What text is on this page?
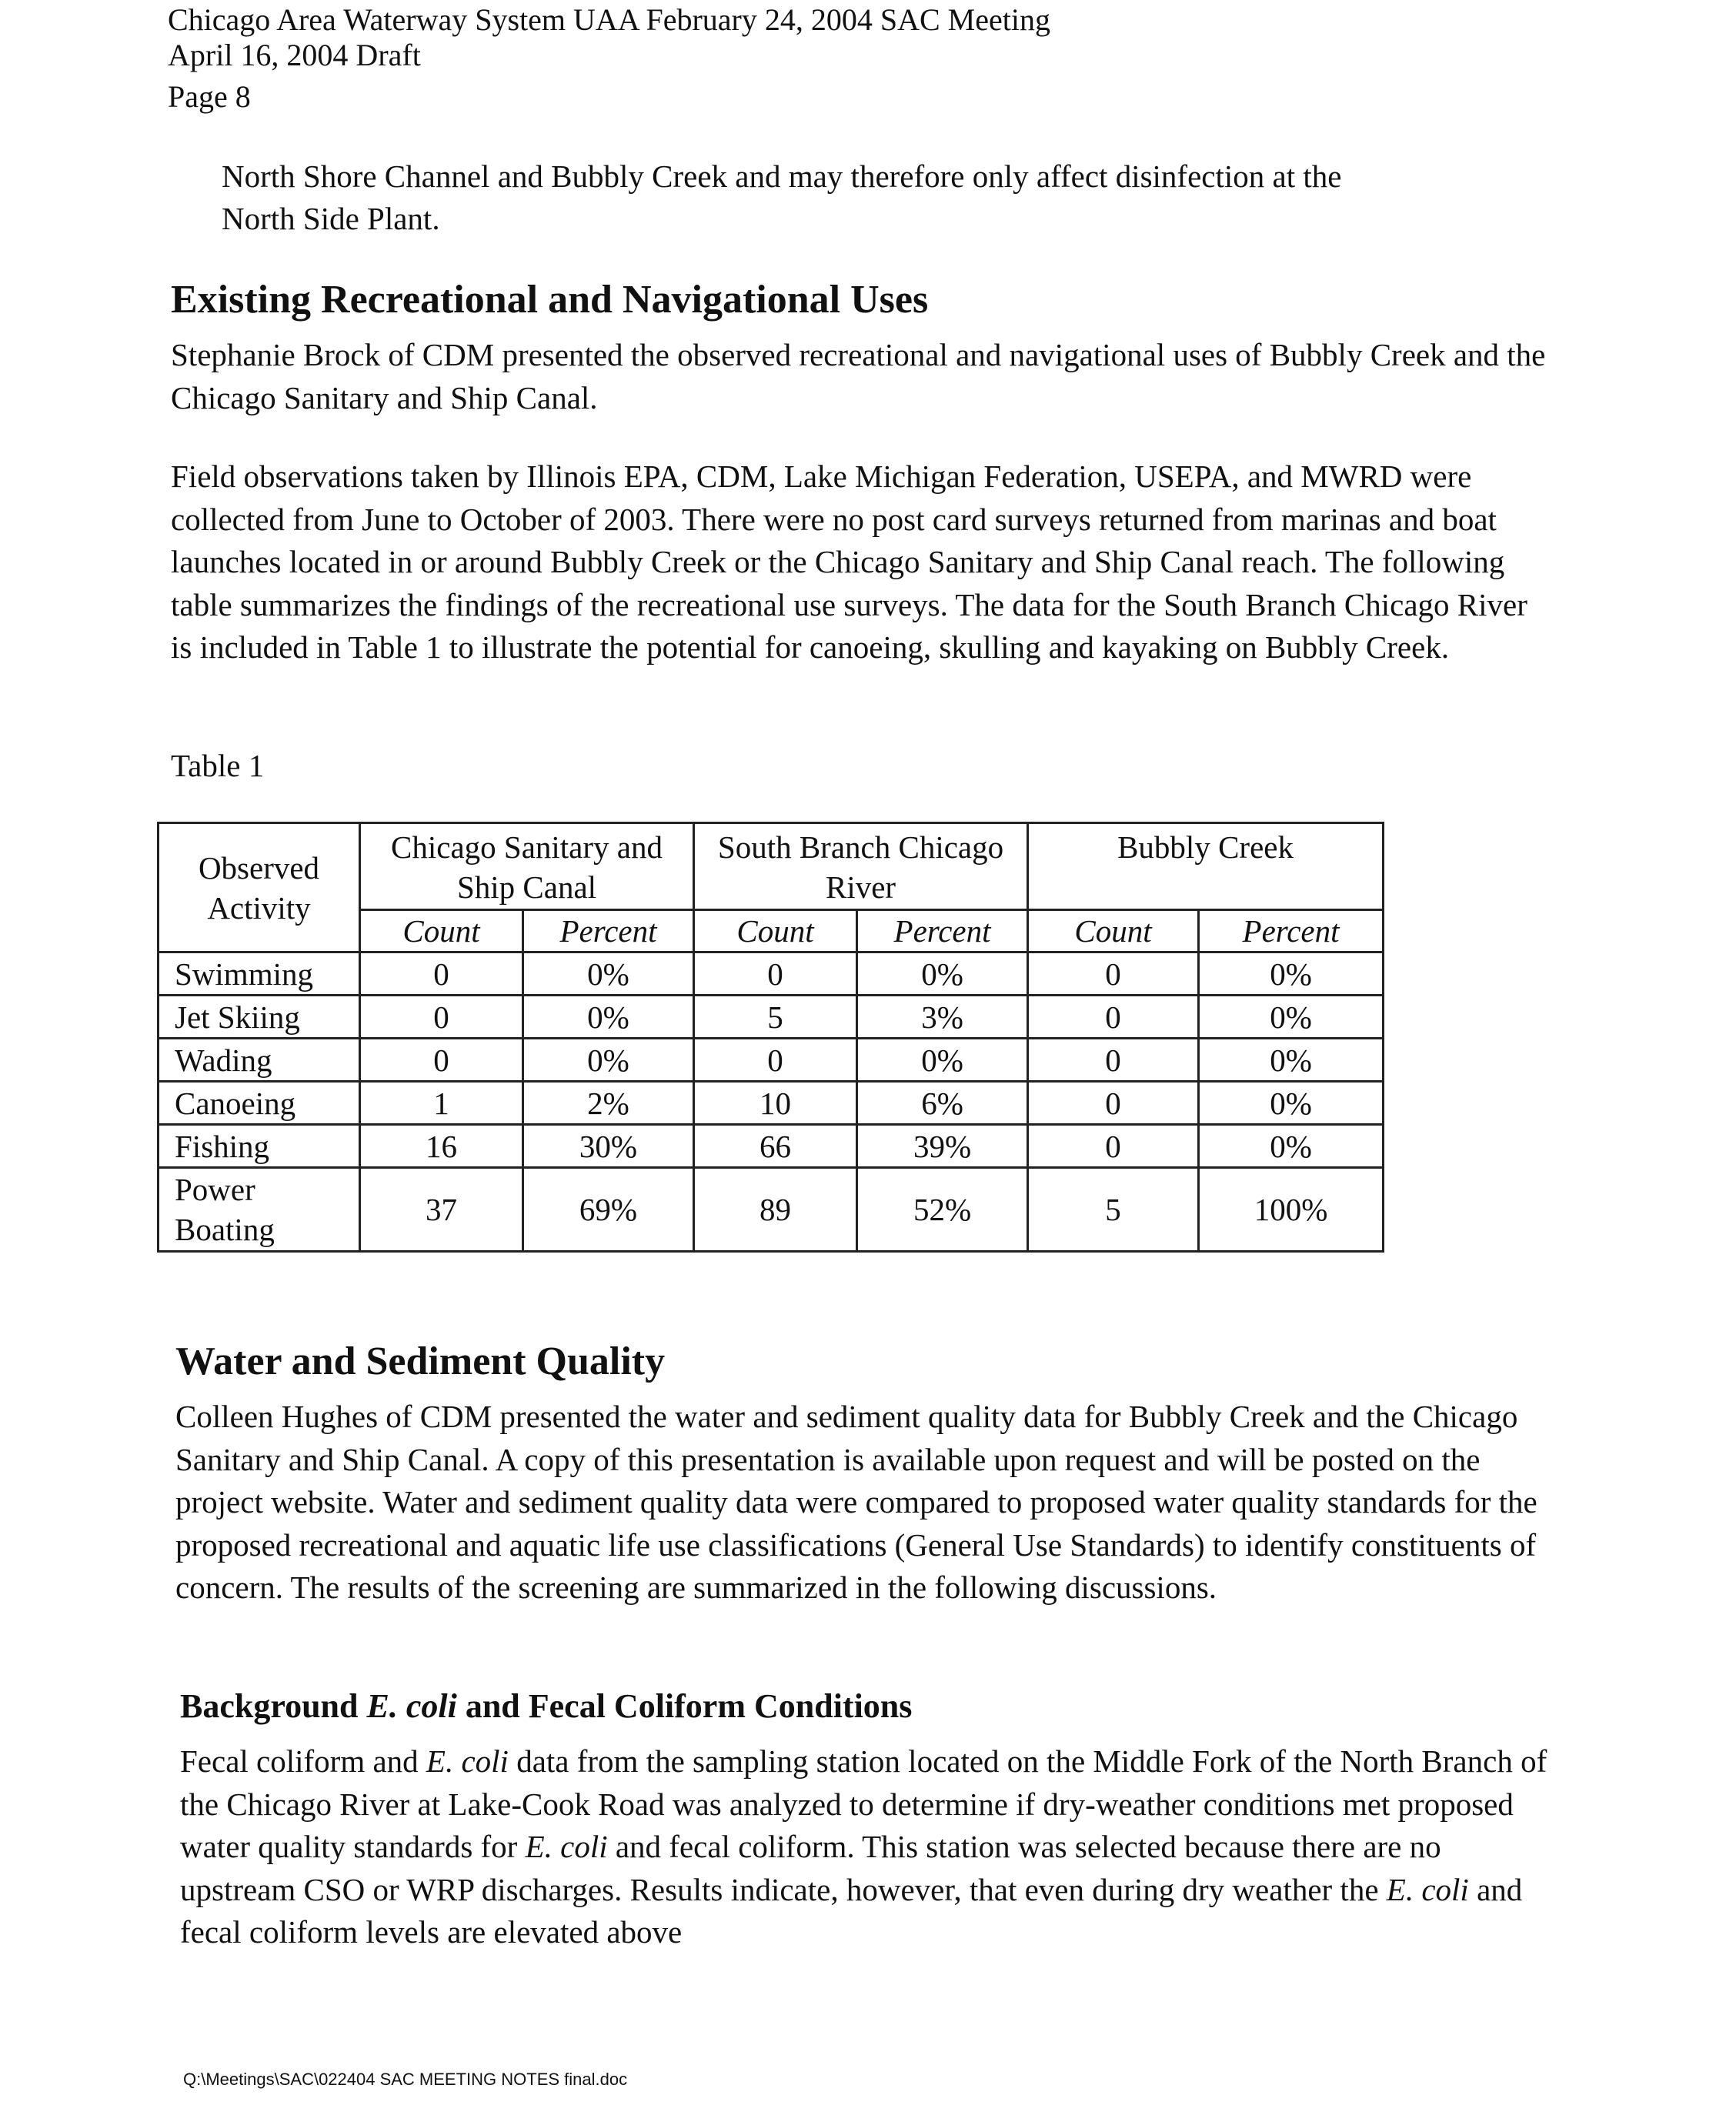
Chicago Area Waterway System UAA February 24, 2004 SAC Meeting
April 16, 2004 Draft
Page 8
North Shore Channel and Bubbly Creek and may therefore only affect disinfection at the
North Side Plant.
Existing Recreational and Navigational Uses

Stephanie Brock of CDM presented the observed recreational and navigational uses of Bubbly Creek and the Chicago Sanitary and Ship Canal.

Field observations taken by Illinois EPA, CDM, Lake Michigan Federation, USEPA, and MWRD were collected from June to October of 2003. There were no post card surveys returned from marinas and boat launches located in or around Bubbly Creek or the Chicago Sanitary and Ship Canal reach. The following table summarizes the findings of the recreational use surveys. The data for the South Branch Chicago River is included in Table 1 to illustrate the potential for canoeing, skulling and kayaking on Bubbly Creek.

Table 1
Observed Activity	Chicago Sanitary and Ship Canal		South Branch Chicago River		Bubbly Creek	
	Count	Percent	Count	Percent	Count	Percent
Swimming	0	0%	0	0%	0	0%
Jet Skiing	0	0%	5	3%	0	0%
Wading	0	0%	0	0%	0	0%
Canoeing	1	2%	10	6%	0	0%
Fishing	16	30%	66	39%	0	0%
Power Boating	37	69%	89	52%	5	100%
Water and Sediment Quality

Colleen Hughes of CDM presented the water and sediment quality data for Bubbly Creek and the Chicago Sanitary and Ship Canal. A copy of this presentation is available upon request and will be posted on the project website. Water and sediment quality data were compared to proposed water quality standards for the proposed recreational and aquatic life use classifications (General Use Standards) to identify constituents of concern. The results of the screening are summarized in the following discussions.

Background E. coli and Fecal Coliform Conditions

Fecal coliform and E. coli data from the sampling station located on the Middle Fork of the North Branch of the Chicago River at Lake-Cook Road was analyzed to determine if dry-weather conditions met proposed water quality standards for E. coli and fecal coliform. This station was selected because there are no upstream CSO or WRP discharges. Results indicate, however, that even during dry weather the E. coli and fecal coliform levels are elevated above

Q:\Meetings\SAC\022404 SAC MEETING NOTES final.doc
